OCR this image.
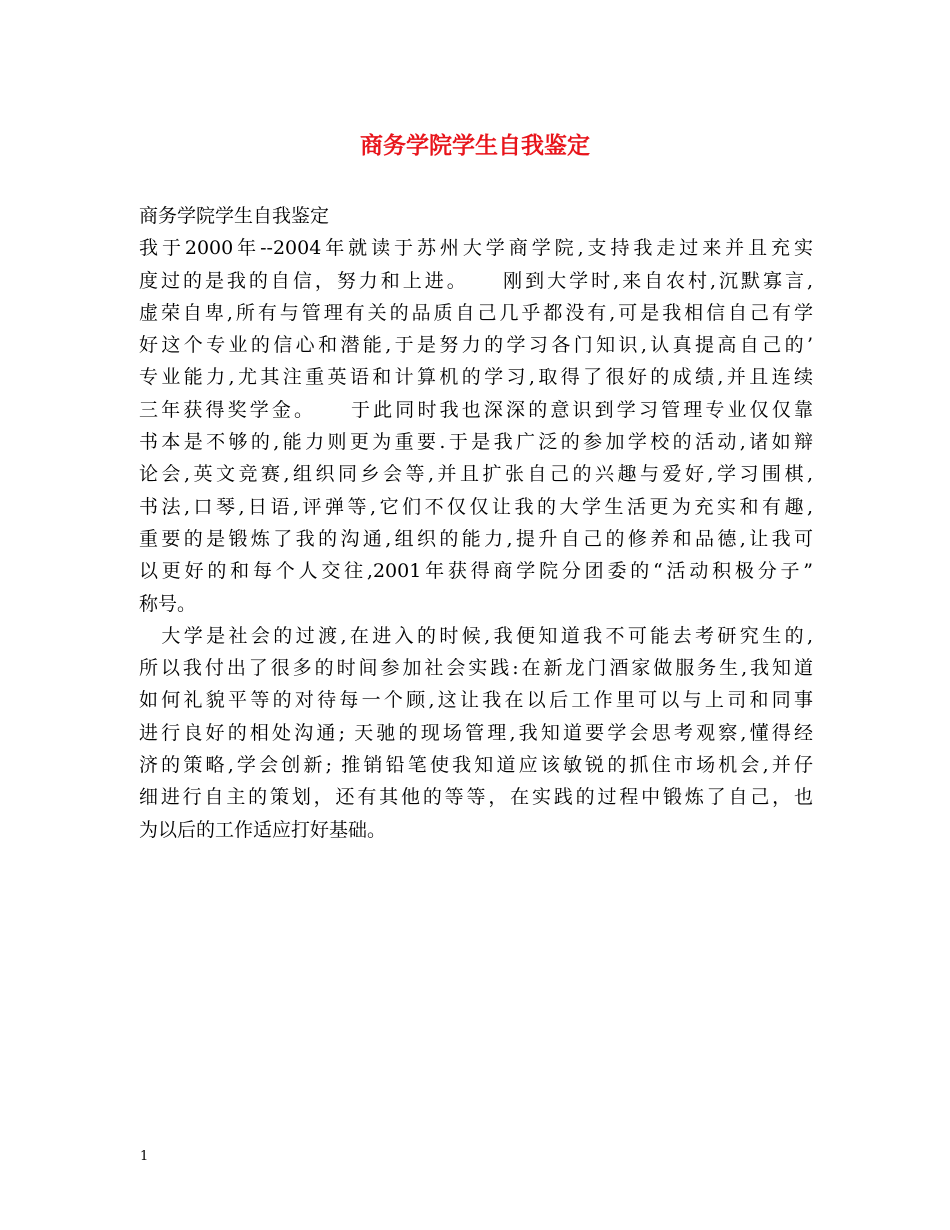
商务学院学生自我鉴定
商务学院学生自我鉴定
我于2000年--2004年就读于苏州大学商学院,支持我走过来并且充实
度过的是我的自信，努力和上进。　　刚到大学时,来自农村,沉默寡言,
虚荣自卑,所有与管理有关的品质自己几乎都没有,可是我相信自己有学
好这个专业的信心和潜能,于是努力的学习各门知识,认真提高自己的’
专业能力,尤其注重英语和计算机的学习,取得了很好的成绩,并且连续
三年获得奖学金。　　于此同时我也深深的意识到学习管理专业仅仅靠
书本是不够的,能力则更为重要.于是我广泛的参加学校的活动,诸如辩
论会,英文竞赛,组织同乡会等,并且扩张自己的兴趣与爱好,学习围棋,
书法,口琴,日语,评弹等,它们不仅仅让我的大学生活更为充实和有趣,
重要的是锻炼了我的沟通,组织的能力,提升自己的修养和品德,让我可
以更好的和每个人交往,2001年获得商学院分团委的“活动积极分子”
称号。
　大学是社会的过渡,在进入的时候,我便知道我不可能去考研究生的,
所以我付出了很多的时间参加社会实践:在新龙门酒家做服务生,我知道
如何礼貌平等的对待每一个顾,这让我在以后工作里可以与上司和同事
进行良好的相处沟通; 天驰的现场管理,我知道要学会思考观察,懂得经
济的策略,学会创新; 推销铅笔使我知道应该敏锐的抓住市场机会,并仔
细进行自主的策划，还有其他的等等，在实践的过程中锻炼了自己，也
为以后的工作适应打好基础。
1
